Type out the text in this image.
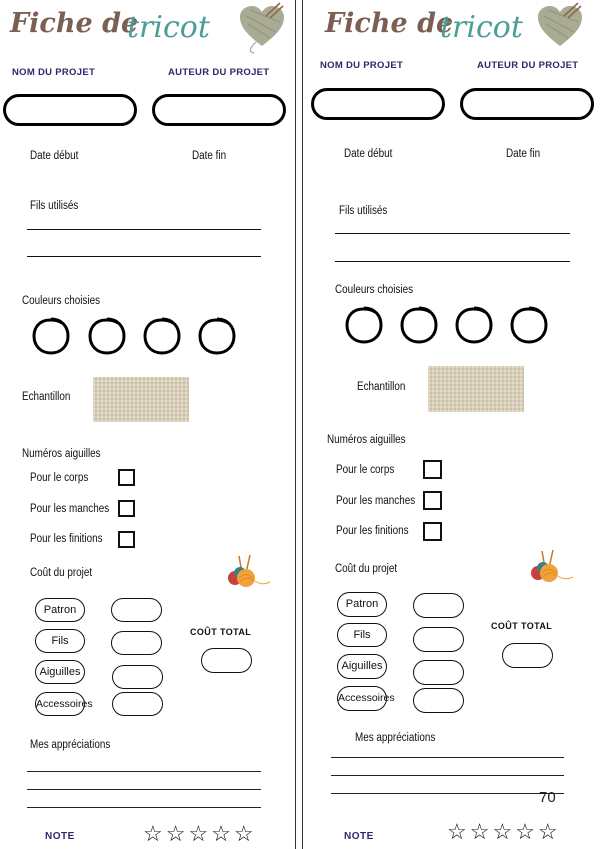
Fiche de
tricot
NOM DU PROJET	AUTEUR DU PROJET
Date début	Date fin
Fils utilisés
Couleurs choisies
Echantillon
Numéros aiguilles
Pour le corps
Pour les manches
Pour les finitions
Coût du projet
Patron
Fils
Aiguilles
Accessoires
COÛT TOTAL
Mes appréciations
NOTE	☆☆☆☆☆
Fiche de
tricot
NOM DU PROJET	AUTEUR DU PROJET
Date début	Date fin
Fils utilisés
Couleurs choisies
Echantillon
Numéros aiguilles
Pour le corps
Pour les manches
Pour les finitions
Coût du projet
Patron
Fils
Aiguilles
Accessoires
COÛT TOTAL
Mes appréciations
NOTE	☆☆☆☆☆
70
